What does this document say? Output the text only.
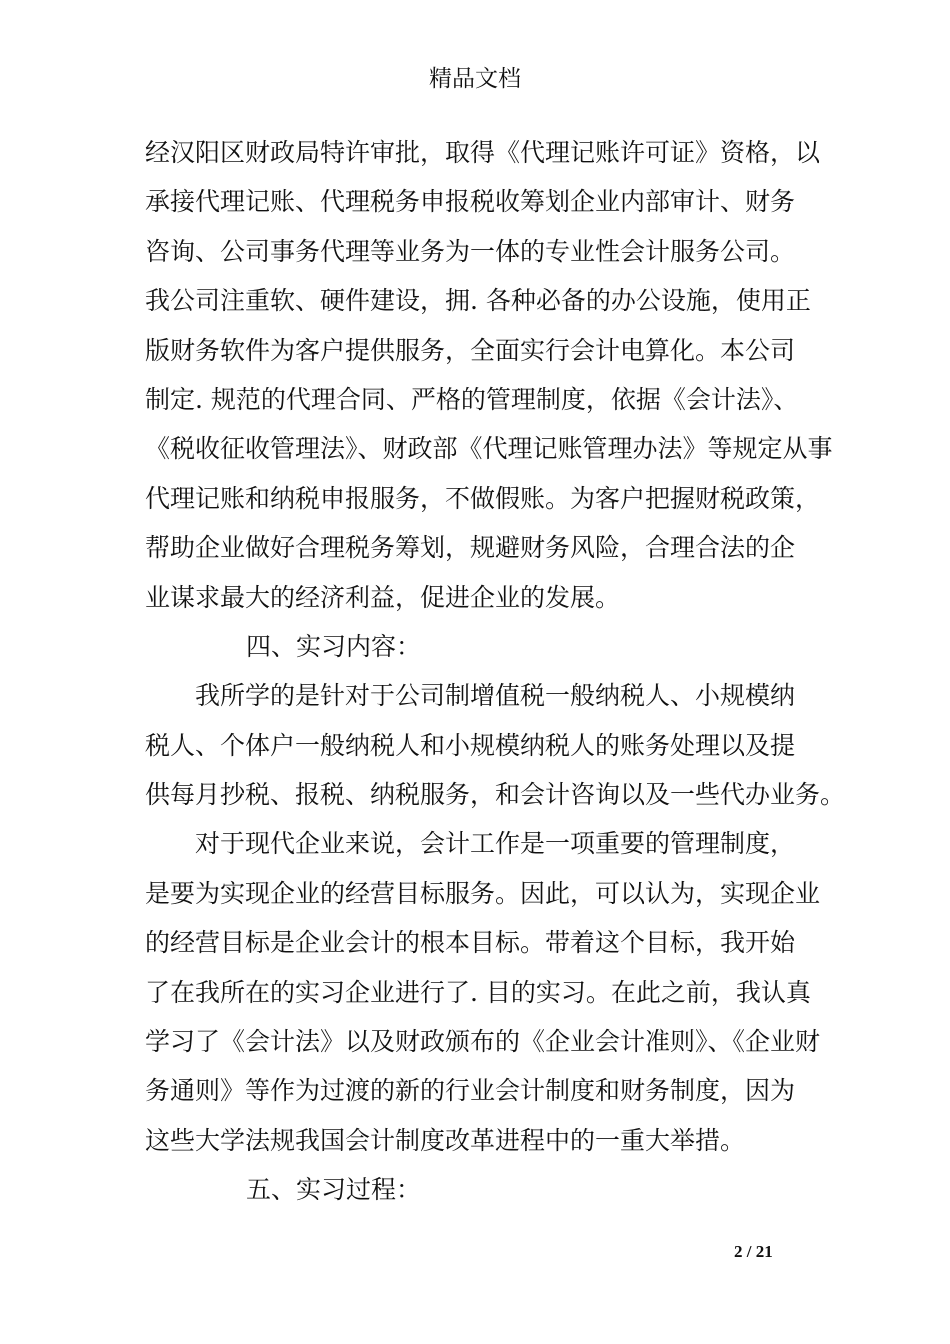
精品文档
经汉阳区财政局特许审批，取得《代理记账许可证》资格，以
承接代理记账、代理税务申报税收筹划企业内部审计、财务
咨询、公司事务代理等业务为一体的专业性会计服务公司。
我公司注重软、硬件建设，拥. 各种必备的办公设施，使用正
版财务软件为客户提供服务，全面实行会计电算化。本公司
制定. 规范的代理合同、严格的管理制度，依据《会计法》、
《税收征收管理法》、财政部《代理记账管理办法》等规定从事
代理记账和纳税申报服务，不做假账。为客户把握财税政策，
帮助企业做好合理税务筹划，规避财务风险，合理合法的企
业谋求最大的经济利益，促进企业的发展。
四、实习内容：
我所学的是针对于公司制增值税一般纳税人、小规模纳
税人、个体户一般纳税人和小规模纳税人的账务处理以及提
供每月抄税、报税、纳税服务，和会计咨询以及一些代办业务。
对于现代企业来说，会计工作是一项重要的管理制度，
是要为实现企业的经营目标服务。因此，可以认为，实现企业
的经营目标是企业会计的根本目标。带着这个目标，我开始
了在我所在的实习企业进行了. 目的实习。在此之前，我认真
学习了《会计法》以及财政颁布的《企业会计准则》、《企业财
务通则》等作为过渡的新的行业会计制度和财务制度，因为
这些大学法规我国会计制度改革进程中的一重大举措。
五、实习过程：
2 / 21
